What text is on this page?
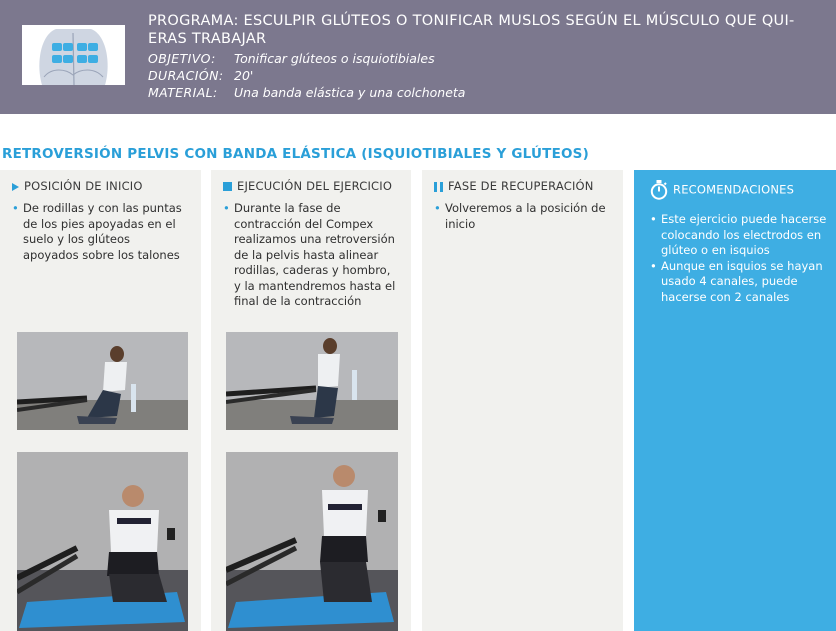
PROGRAMA: ESCULPIR GLÚTEOS O TONIFICAR MUSLOS SEGÚN EL MÚSCULO QUE QUI-
ERAS TRABAJAR
OBJETIVO: Tonificar glúteos o isquiotibiales
DURACIÓN: 20'
MATERIAL: Una banda elástica y una colchoneta
RETROVERSIÓN PELVIS CON BANDA ELÁSTICA (ISQUIOTIBIALES Y GLÚTEOS)
POSICIÓN DE INICIO
• De rodillas y con las puntas de los pies apoyadas en el suelo y los glúteos apoyados sobre los talones
EJECUCIÓN DEL EJERCICIO
• Durante la fase de contracción del Compex realizamos una retroversión de la pelvis hasta alinear rodillas, caderas y hombro, y la mantendremos hasta el final de la contracción
FASE DE RECUPERACIÓN
• Volveremos a la posición de inicio
RECOMENDACIONES
• Este ejercicio puede hacerse colocando los electrodos en glúteo o en isquios
• Aunque en isquios se hayan usado 4 canales, puede hacerse con 2 canales
